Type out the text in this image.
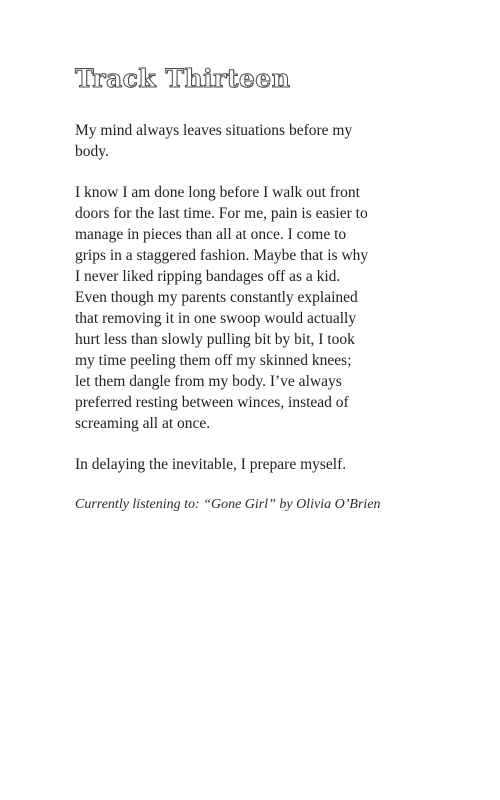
Track Thirteen

My mind always leaves situations before my body.

I know I am done long before I walk out front doors for the last time. For me, pain is easier to manage in pieces than all at once. I come to grips in a staggered fashion. Maybe that is why I never liked ripping bandages off as a kid. Even though my parents constantly explained that removing it in one swoop would actually hurt less than slowly pulling bit by bit, I took my time peeling them off my skinned knees; let them dangle from my body. I’ve always preferred resting between winces, instead of screaming all at once.

In delaying the inevitable, I prepare myself.

Currently listening to: “Gone Girl” by Olivia O’Brien
